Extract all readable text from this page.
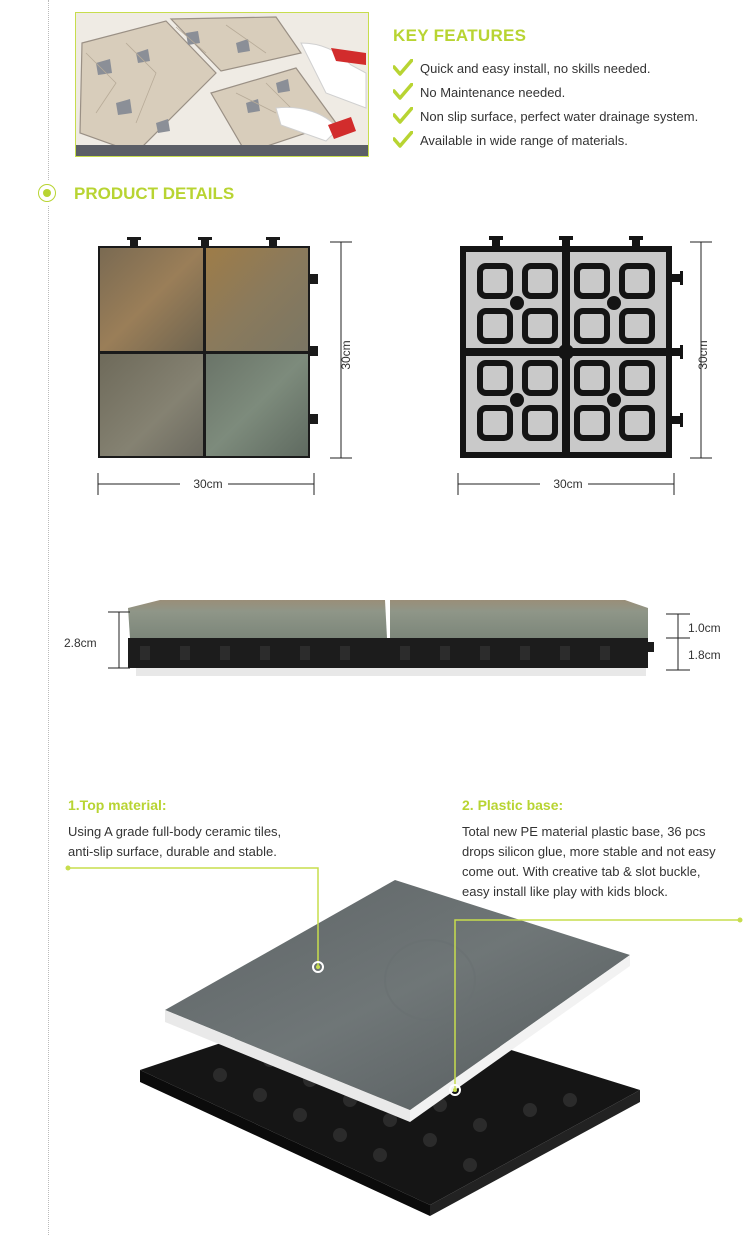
KEY FEATURES
Quick and easy install, no skills needed.
No Maintenance needed.
Non slip surface, perfect water drainage system.
Available in wide range of materials.
PRODUCT DETAILS
30cm
30cm
30cm
30cm
2.8cm
1.0cm
1.8cm
1.Top material:
Using A grade full-body ceramic tiles,
anti-slip surface, durable and stable.
2. Plastic base:
Total new PE material plastic base, 36 pcs
drops silicon glue, more stable and not easy
come out. With creative tab & slot buckle,
easy install like play with kids block.
